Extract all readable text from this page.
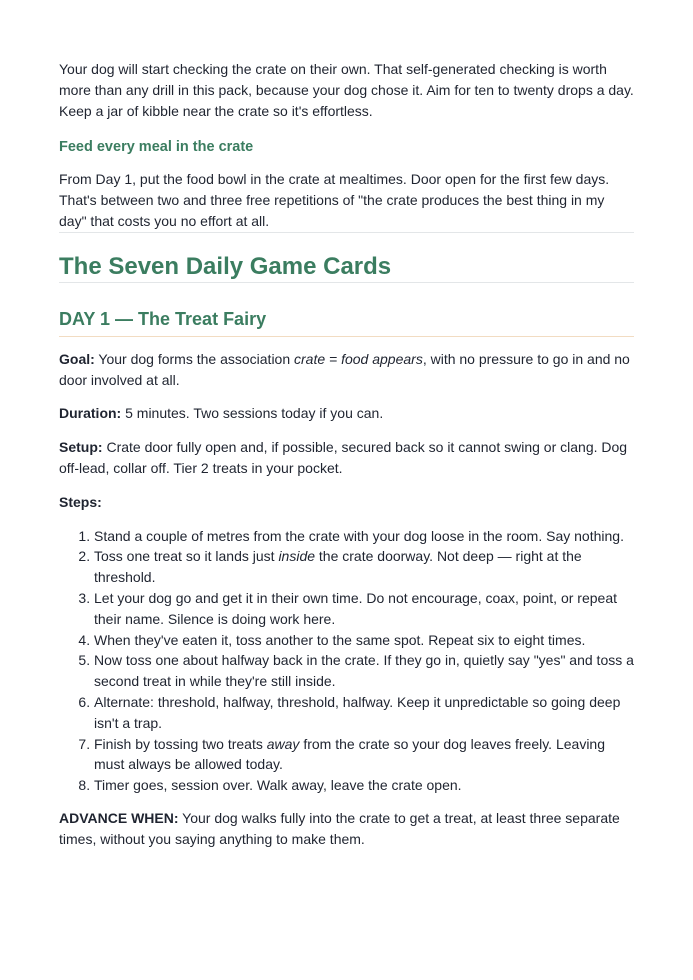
Your dog will start checking the crate on their own. That self-generated checking is worth more than any drill in this pack, because your dog chose it. Aim for ten to twenty drops a day. Keep a jar of kibble near the crate so it's effortless.

Feed every meal in the crate

From Day 1, put the food bowl in the crate at mealtimes. Door open for the first few days. That's between two and three free repetitions of "the crate produces the best thing in my day" that costs you no effort at all.

The Seven Daily Game Cards
DAY 1 — The Treat Fairy

Goal: Your dog forms the association crate = food appears, with no pressure to go in and no door involved at all.

Duration: 5 minutes. Two sessions today if you can.

Setup: Crate door fully open and, if possible, secured back so it cannot swing or clang. Dog off-lead, collar off. Tier 2 treats in your pocket.

Steps:

1. Stand a couple of metres from the crate with your dog loose in the room. Say nothing.
2. Toss one treat so it lands just inside the crate doorway. Not deep — right at the threshold.
3. Let your dog go and get it in their own time. Do not encourage, coax, point, or repeat their name. Silence is doing work here.
4. When they've eaten it, toss another to the same spot. Repeat six to eight times.
5. Now toss one about halfway back in the crate. If they go in, quietly say "yes" and toss a second treat in while they're still inside.
6. Alternate: threshold, halfway, threshold, halfway. Keep it unpredictable so going deep isn't a trap.
7. Finish by tossing two treats away from the crate so your dog leaves freely. Leaving must always be allowed today.
8. Timer goes, session over. Walk away, leave the crate open.

ADVANCE WHEN: Your dog walks fully into the crate to get a treat, at least three separate times, without you saying anything to make them.
